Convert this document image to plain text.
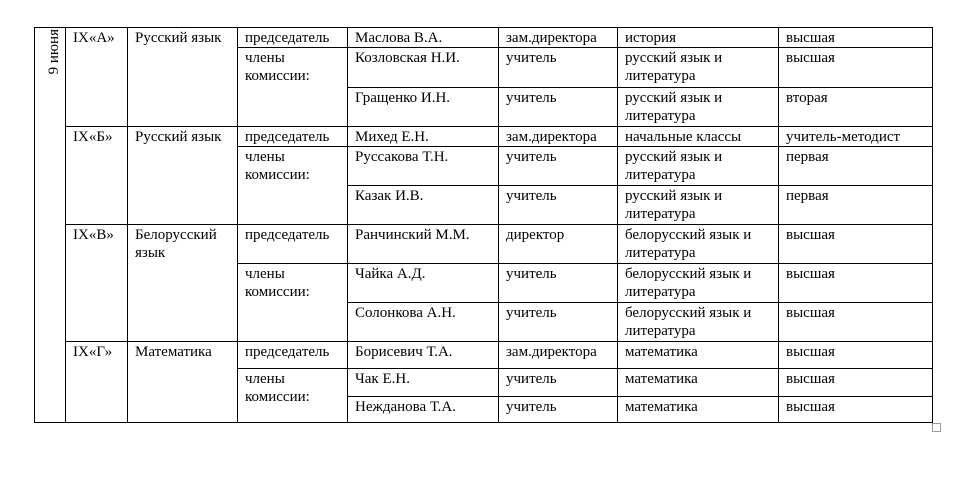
9 июня	IX«А»	Русский язык	председатель	Маслова В.А.	зам.директора	история	высшая
			члены комиссии:	Козловская Н.И.	учитель	русский язык и литература	высшая
				Гращенко И.Н.	учитель	русский язык и литература	вторая
	IX«Б»	Русский язык	председатель	Михед Е.Н.	зам.директора	начальные классы	учитель-методист
			члены комиссии:	Руссакова Т.Н.	учитель	русский язык и литература	первая
				Казак И.В.	учитель	русский язык и литература	первая
	IX«В»	Белорусский язык	председатель	Ранчинский М.М.	директор	белорусский язык и литература	высшая
			члены комиссии:	Чайка А.Д.	учитель	белорусский язык и литература	высшая
				Солонкова А.Н.	учитель	белорусский язык и литература	высшая
	IX«Г»	Математика	председатель	Борисевич Т.А.	зам.директора	математика	высшая
			члены комиссии:	Чак Е.Н.	учитель	математика	высшая
				Нежданова Т.А.	учитель	математика	высшая
